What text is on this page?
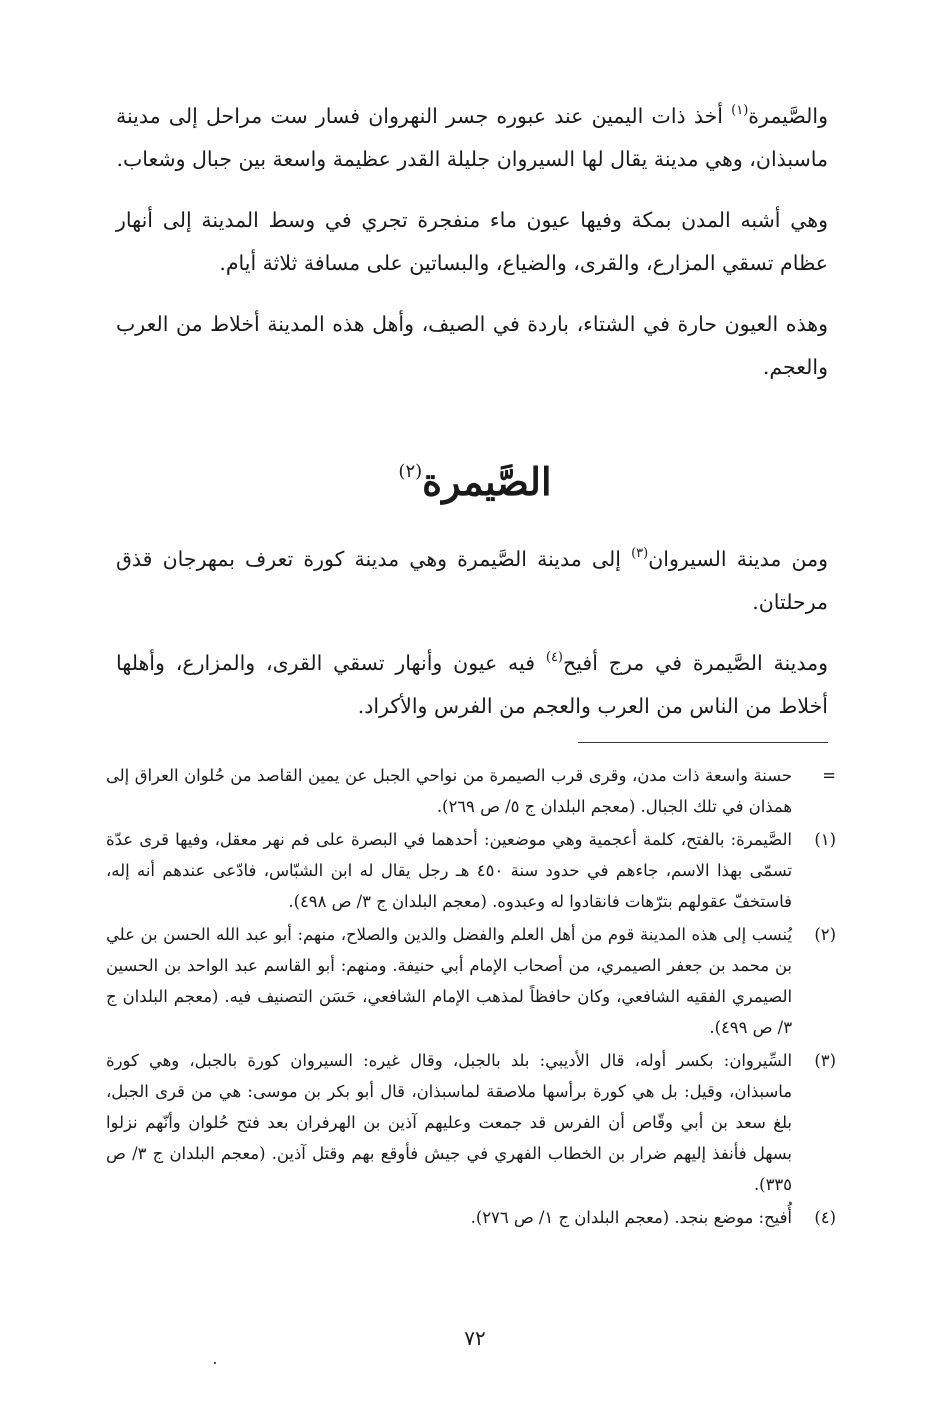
والصَّيمرة$^{(١)}$ أخذ ذات اليمين عند عبوره جسر النهروان فسار ست مراحل إلى مدينة ماسبذان، وهي مدينة يقال لها السيروان جليلة القدر عظيمة واسعة بين جبال وشعاب.

وهي أشبه المدن بمكة وفيها عيون ماء منفجرة تجري في وسط المدينة إلى أنهار عظام تسقي المزارع، والقرى، والضياع، والبساتين على مسافة ثلاثة أيام.

وهذه العيون حارة في الشتاء، باردة في الصيف، وأهل هذه المدينة أخلاط من العرب والعجم.

الصَّيمرة$^{(٢)}$

ومن مدينة السيروان$^{(٣)}$ إلى مدينة الصَّيمرة وهي مدينة كورة تعرف بمهرجان قذق مرحلتان.

ومدينة الصَّيمرة في مرج أفيح$^{(٤)}$ فيه عيون وأنهار تسقي القرى، والمزارع، وأهلها أخلاط من الناس من العرب والعجم من الفرس والأكراد.

=
حسنة واسعة ذات مدن، وقرى قرب الصيمرة من نواحي الجبل عن يمين القاصد من حُلوان العراق إلى همذان في تلك الجبال. (معجم البلدان ج ٥/ ص ٢٦٩).
(١)
الصَّيمرة: بالفتح، كلمة أعجمية وهي موضعين: أحدهما في البصرة على فم نهر معقل، وفيها قرى عدّة تسمّى بهذا الاسم، جاءهم في حدود سنة ٤٥٠ هـ رجل يقال له ابن الشبّاس، فادّعى عندهم أنه إله، فاستخفّ عقولهم بترّهات فانقادوا له وعبدوه. (معجم البلدان ج ٣/ ص ٤٩٨).
(٢)
يُنسب إلى هذه المدينة قوم من أهل العلم والفضل والدين والصلاح، منهم: أبو عبد الله الحسن بن علي بن محمد بن جعفر الصيمري، من أصحاب الإمام أبي حنيفة. ومنهم: أبو القاسم عبد الواحد بن الحسين الصيمري الفقيه الشافعي، وكان حافظاً لمذهب الإمام الشافعي، حَسَن التصنيف فيه. (معجم البلدان ج ٣/ ص ٤٩٩).
(٣)
السِّيروان: بكسر أوله، قال الأديبي: بلد بالجبل، وقال غيره: السيروان كورة بالجبل، وهي كورة ماسبذان، وقيل: بل هي كورة برأسها ملاصقة لماسبذان، قال أبو بكر بن موسى: هي من قرى الجبل، بلغ سعد بن أبي وقّاص أن الفرس قد جمعت وعليهم آذين بن الهرفران بعد فتح حُلوان وأنّهم نزلوا بسهل فأنفذ إليهم ضرار بن الخطاب الفهري في جيش فأوقع بهم وقتل آذين. (معجم البلدان ج ٣/ ص ٣٣٥).
(٤)
أُفيح: موضع بنجد. (معجم البلدان ج ١/ ص ٢٧٦).
٧٢
